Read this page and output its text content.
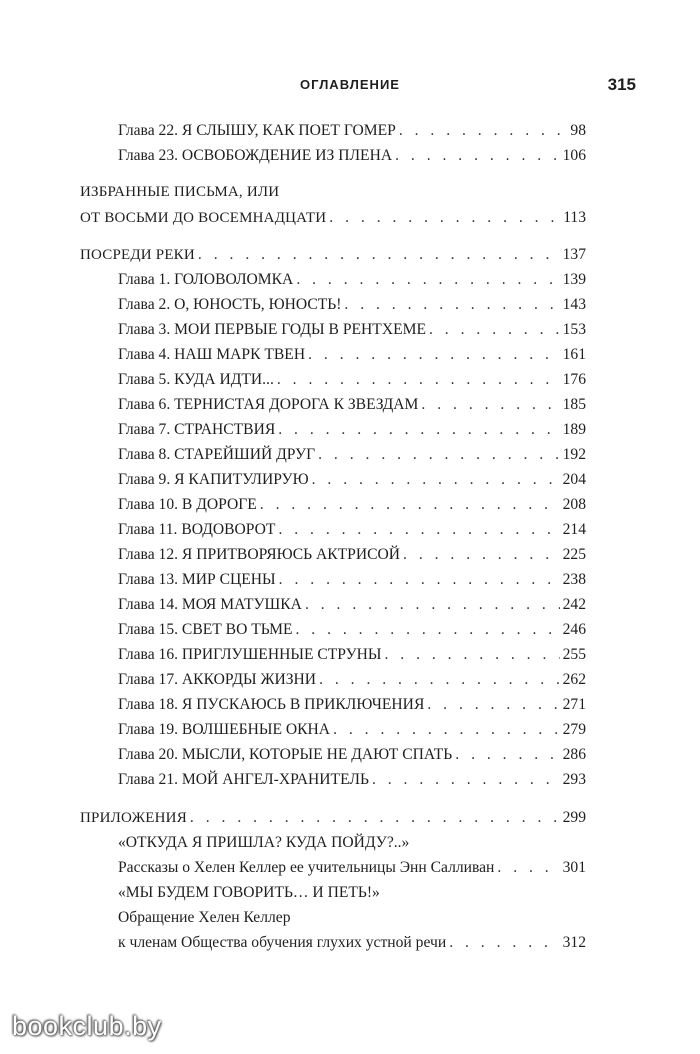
ОГЛАВЛЕНИЕ	315
Глава 22. Я СЛЫШУ, КАК ПОЕТ ГОМЕР . . .	98
Глава 23. ОСВОБОЖДЕНИЕ ИЗ ПЛЕНА . . .	106
ИЗБРАННЫЕ ПИСЬМА, ИЛИ
ОТ ВОСЬМИ ДО ВОСЕМНАДЦАТИ . . .	113
ПОСРЕДИ РЕКИ . . .	137
Глава 1. ГОЛОВОЛОМКА . . .	139
Глава 2. О, ЮНОСТЬ, ЮНОСТЬ! . . .	143
Глава 3. МОИ ПЕРВЫЕ ГОДЫ В РЕНТХЕМЕ . . .	153
Глава 4. НАШ МАРК ТВЕН . . .	161
Глава 5. КУДА ИДТИ... . . .	176
Глава 6. ТЕРНИСТАЯ ДОРОГА К ЗВЕЗДАМ . . .	185
Глава 7. СТРАНСТВИЯ . . .	189
Глава 8. СТАРЕЙШИЙ ДРУГ . . .	192
Глава 9. Я КАПИТУЛИРУЮ . . .	204
Глава 10. В ДОРОГЕ . . .	208
Глава 11. ВОДОВОРОТ . . .	214
Глава 12. Я ПРИТВОРЯЮСЬ АКТРИСОЙ . . .	225
Глава 13. МИР СЦЕНЫ . . .	238
Глава 14. МОЯ МАТУШКА . . .	242
Глава 15. СВЕТ ВО ТЬМЕ . . .	246
Глава 16. ПРИГЛУШЕННЫЕ СТРУНЫ . . .	255
Глава 17. АККОРДЫ ЖИЗНИ . . .	262
Глава 18. Я ПУСКАЮСЬ В ПРИКЛЮЧЕНИЯ . . .	271
Глава 19. ВОЛШЕБНЫЕ ОКНА . . .	279
Глава 20. МЫСЛИ, КОТОРЫЕ НЕ ДАЮТ СПАТЬ . . .	286
Глава 21. МОЙ АНГЕЛ-ХРАНИТЕЛЬ . . .	293
ПРИЛОЖЕНИЯ . . .	299
«ОТКУДА Я ПРИШЛА? КУДА ПОЙДУ?..»
Рассказы о Хелен Келлер ее учительницы Энн Салливан . . .	301
«МЫ БУДЕМ ГОВОРИТЬ… И ПЕТЬ!»
Обращение Хелен Келлер
к членам Общества обучения глухих устной речи . . .	312
bookclub.by
